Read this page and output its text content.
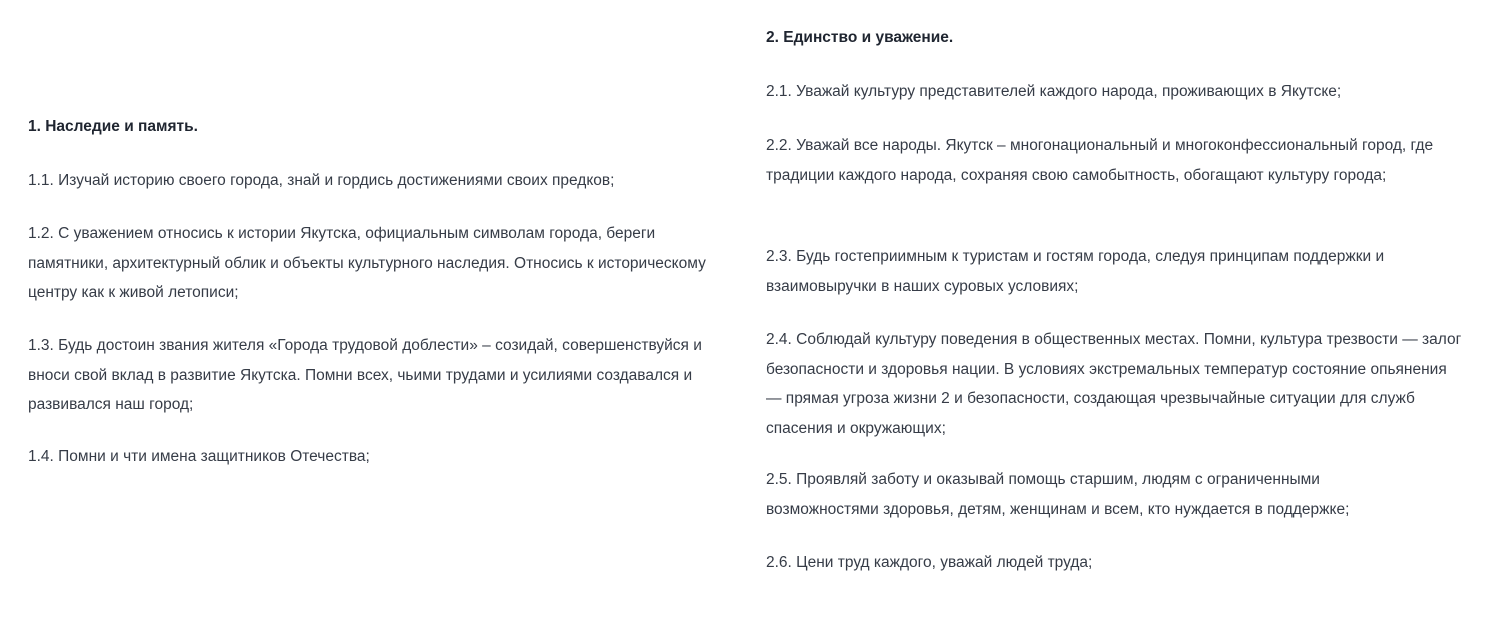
1. Наследие и память.

1.1. Изучай историю своего города, знай и гордись достижениями своих предков;

1.2. С уважением относись к истории Якутска, официальным символам города, береги памятники, архитектурный облик и объекты культурного наследия. Относись к историческому центру как к живой летописи;

1.3. Будь достоин звания жителя «Города трудовой доблести» – созидай, совершенствуйся и вноси свой вклад в развитие Якутска. Помни всех, чьими трудами и усилиями создавался и развивался наш город;

1.4. Помни и чти имена защитников Отечества;

2. Единство и уважение.

2.1. Уважай культуру представителей каждого народа, проживающих в Якутске;

2.2. Уважай все народы. Якутск – многонациональный и многоконфессиональный город, где традиции каждого народа, сохраняя свою самобытность, обогащают культуру города;

2.3. Будь гостеприимным к туристам и гостям города, следуя принципам поддержки и взаимовыручки в наших суровых условиях;

2.4. Соблюдай культуру поведения в общественных местах. Помни, культура трезвости — залог безопасности и здоровья нации. В условиях экстремальных температур состояние опьянения — прямая угроза жизни 2 и безопасности, создающая чрезвычайные ситуации для служб спасения и окружающих;

2.5. Проявляй заботу и оказывай помощь старшим, людям с ограниченными возможностями здоровья, детям, женщинам и всем, кто нуждается в поддержке;

2.6. Цени труд каждого, уважай людей труда;
